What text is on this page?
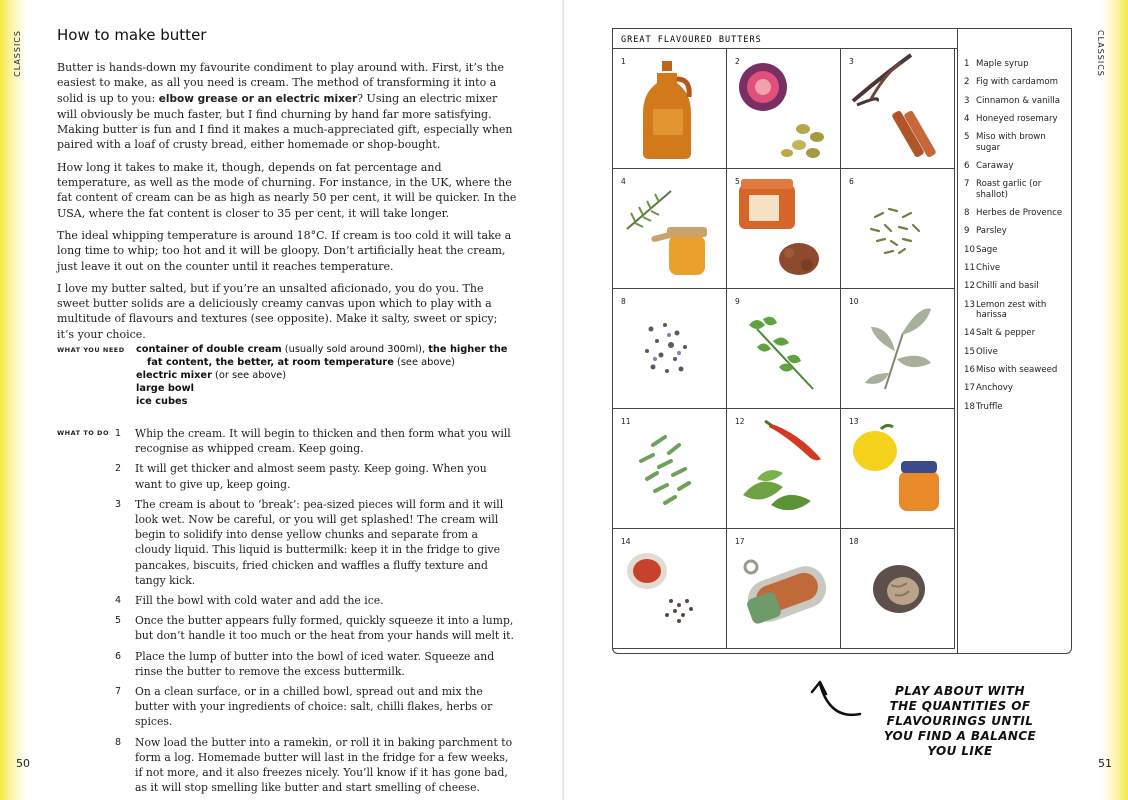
CLASSICS How to make butter

Butter is hands-down my favourite condiment to play around with. First, it’s the easiest to make, as all you need is cream. The method of transforming it into a solid is up to you: elbow grease or an electric mixer? Using an electric mixer will obviously be much faster, but I find churning by hand far more satisfying. Making butter is fun and I find it makes a much-appreciated gift, especially when paired with a loaf of crusty bread, either homemade or shop-bought.

How long it takes to make it, though, depends on fat percentage and temperature, as well as the mode of churning. For instance, in the UK, where the fat content of cream can be as high as nearly 50 per cent, it will be quicker. In the USA, where the fat content is closer to 35 per cent, it will take longer.

The ideal whipping temperature is around 18°C. If cream is too cold it will take a long time to whip; too hot and it will be gloopy. Don’t artificially heat the cream, just leave it out on the counter until it reaches temperature.

I love my butter salted, but if you’re an unsalted aficionado, you do you. The sweet butter solids are a deliciously creamy canvas upon which to play with a multitude of flavours and textures (see opposite). Make it salty, sweet or spicy; it’s your choice.

WHAT YOU NEED container of double cream (usually sold around 300ml), the higher the fat content, the better, at room temperature (see above)
electric mixer (or see above)
large bowl
ice cubes
WHAT TO DO 1 Whip the cream. It will begin to thicken and then form what you will recognise as whipped cream. Keep going.
2 It will get thicker and almost seem pasty. Keep going. When you want to give up, keep going.
3 The cream is about to ‘break’: pea-sized pieces will form and it will look wet. Now be careful, or you will get splashed! The cream will begin to solidify into dense yellow chunks and separate from a cloudy liquid. This liquid is buttermilk: keep it in the fridge to give pancakes, biscuits, fried chicken and waffles a fluffy texture and tangy kick.
4 Fill the bowl with cold water and add the ice.
5 Once the butter appears fully formed, quickly squeeze it into a lump, but don’t handle it too much or the heat from your hands will melt it.
6 Place the lump of butter into the bowl of iced water. Squeeze and rinse the butter to remove the excess buttermilk.
7 On a clean surface, or in a chilled bowl, spread out and mix the butter with your ingredients of choice: salt, chilli flakes, herbs or spices.
8 Now load the butter into a ramekin, or roll it in baking parchment to form a log. Homemade butter will last in the fridge for a few weeks, if not more, and it also freezes nicely. You’ll know if it has gone bad, as it will stop smelling like butter and start smelling of cheese.
50
CLASSICS
GREAT FLAVOURED BUTTERS
1	2	3
4	5	6
8	9	10
11	12	13
14	17	18
1 Maple syrup
2 Fig with cardamom
3 Cinnamon & vanilla
4 Honeyed rosemary
5 Miso with brown sugar
6 Caraway
7 Roast garlic (or shallot)
8 Herbes de Provence
9 Parsley
10Sage
11Chive
12Chilli and basil
13Lemon zest with harissa
14Salt & pepper
15Olive
16Miso with seaweed
17Anchovy
18Truffle
PLAY ABOUT WITH THE QUANTITIES OF FLAVOURINGS UNTIL YOU FIND A BALANCE YOU LIKE
51
